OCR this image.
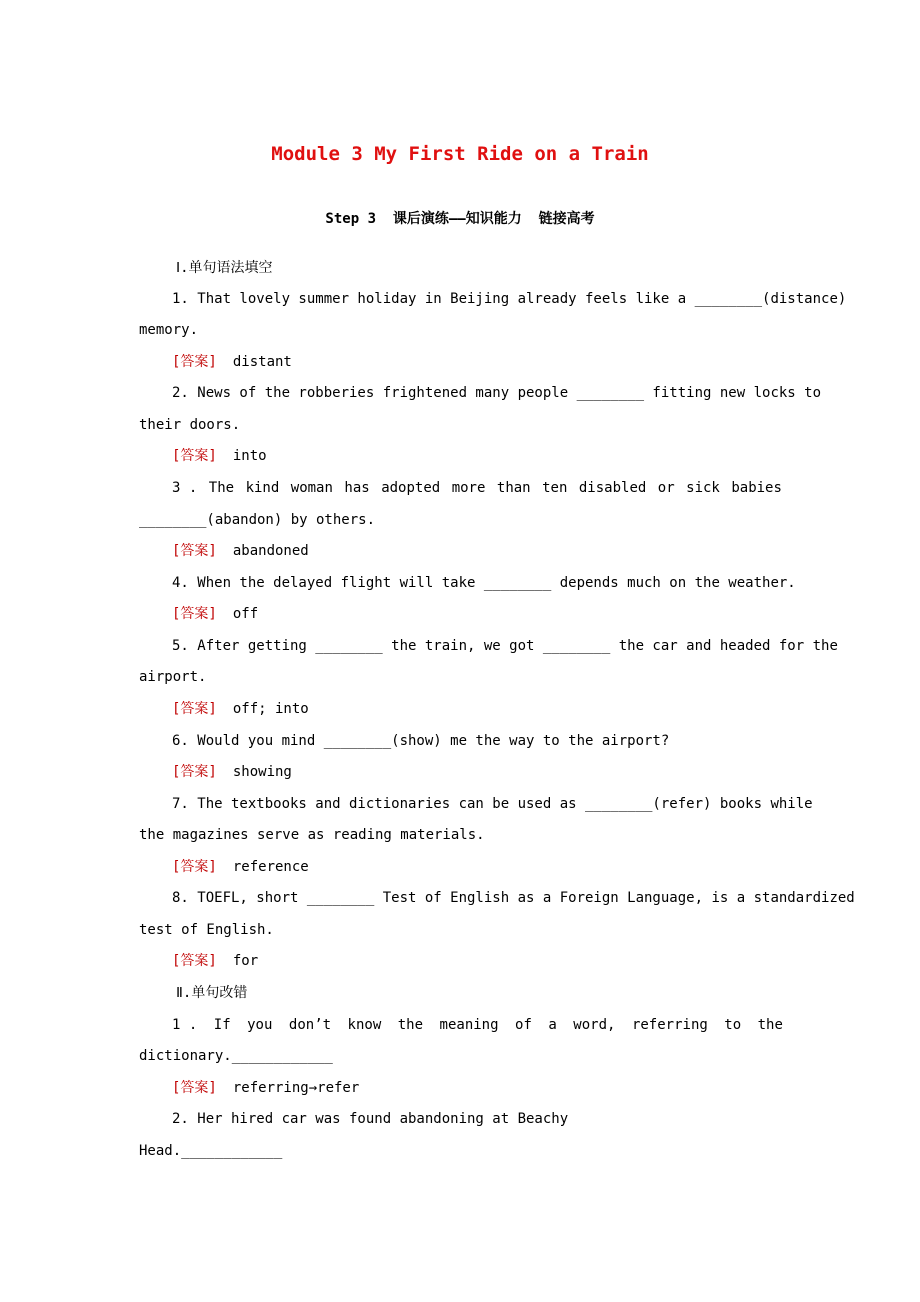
Module 3 My First Ride on a Train
Step 3  课后演练——知识能力  链接高考
Ⅰ.单句语法填空
1. That lovely summer holiday in Beijing already feels like a ________(distance)
memory.
[答案] distant
2. News of the robberies frightened many people ________ fitting new locks to
their doors.
[答案] into
3 . The kind woman has adopted more than ten disabled or sick babies
________(abandon) by others.
[答案] abandoned
4. When the delayed flight will take ________ depends much on the weather.
[答案] off
5. After getting ________ the train, we got ________ the car and headed for the
airport.
[答案] off; into
6. Would you mind ________(show) me the way to the airport?
[答案] showing
7. The textbooks and dictionaries can be used as ________(refer) books while
the magazines serve as reading materials.
[答案] reference
8. TOEFL, short ________ Test of English as a Foreign Language, is a standardized
test of English.
[答案] for
Ⅱ.单句改错
1 . If you don’t know the meaning of a word, referring to the
dictionary.____________
[答案] referring→refer
2. Her hired car was found abandoning at Beachy
Head.____________
